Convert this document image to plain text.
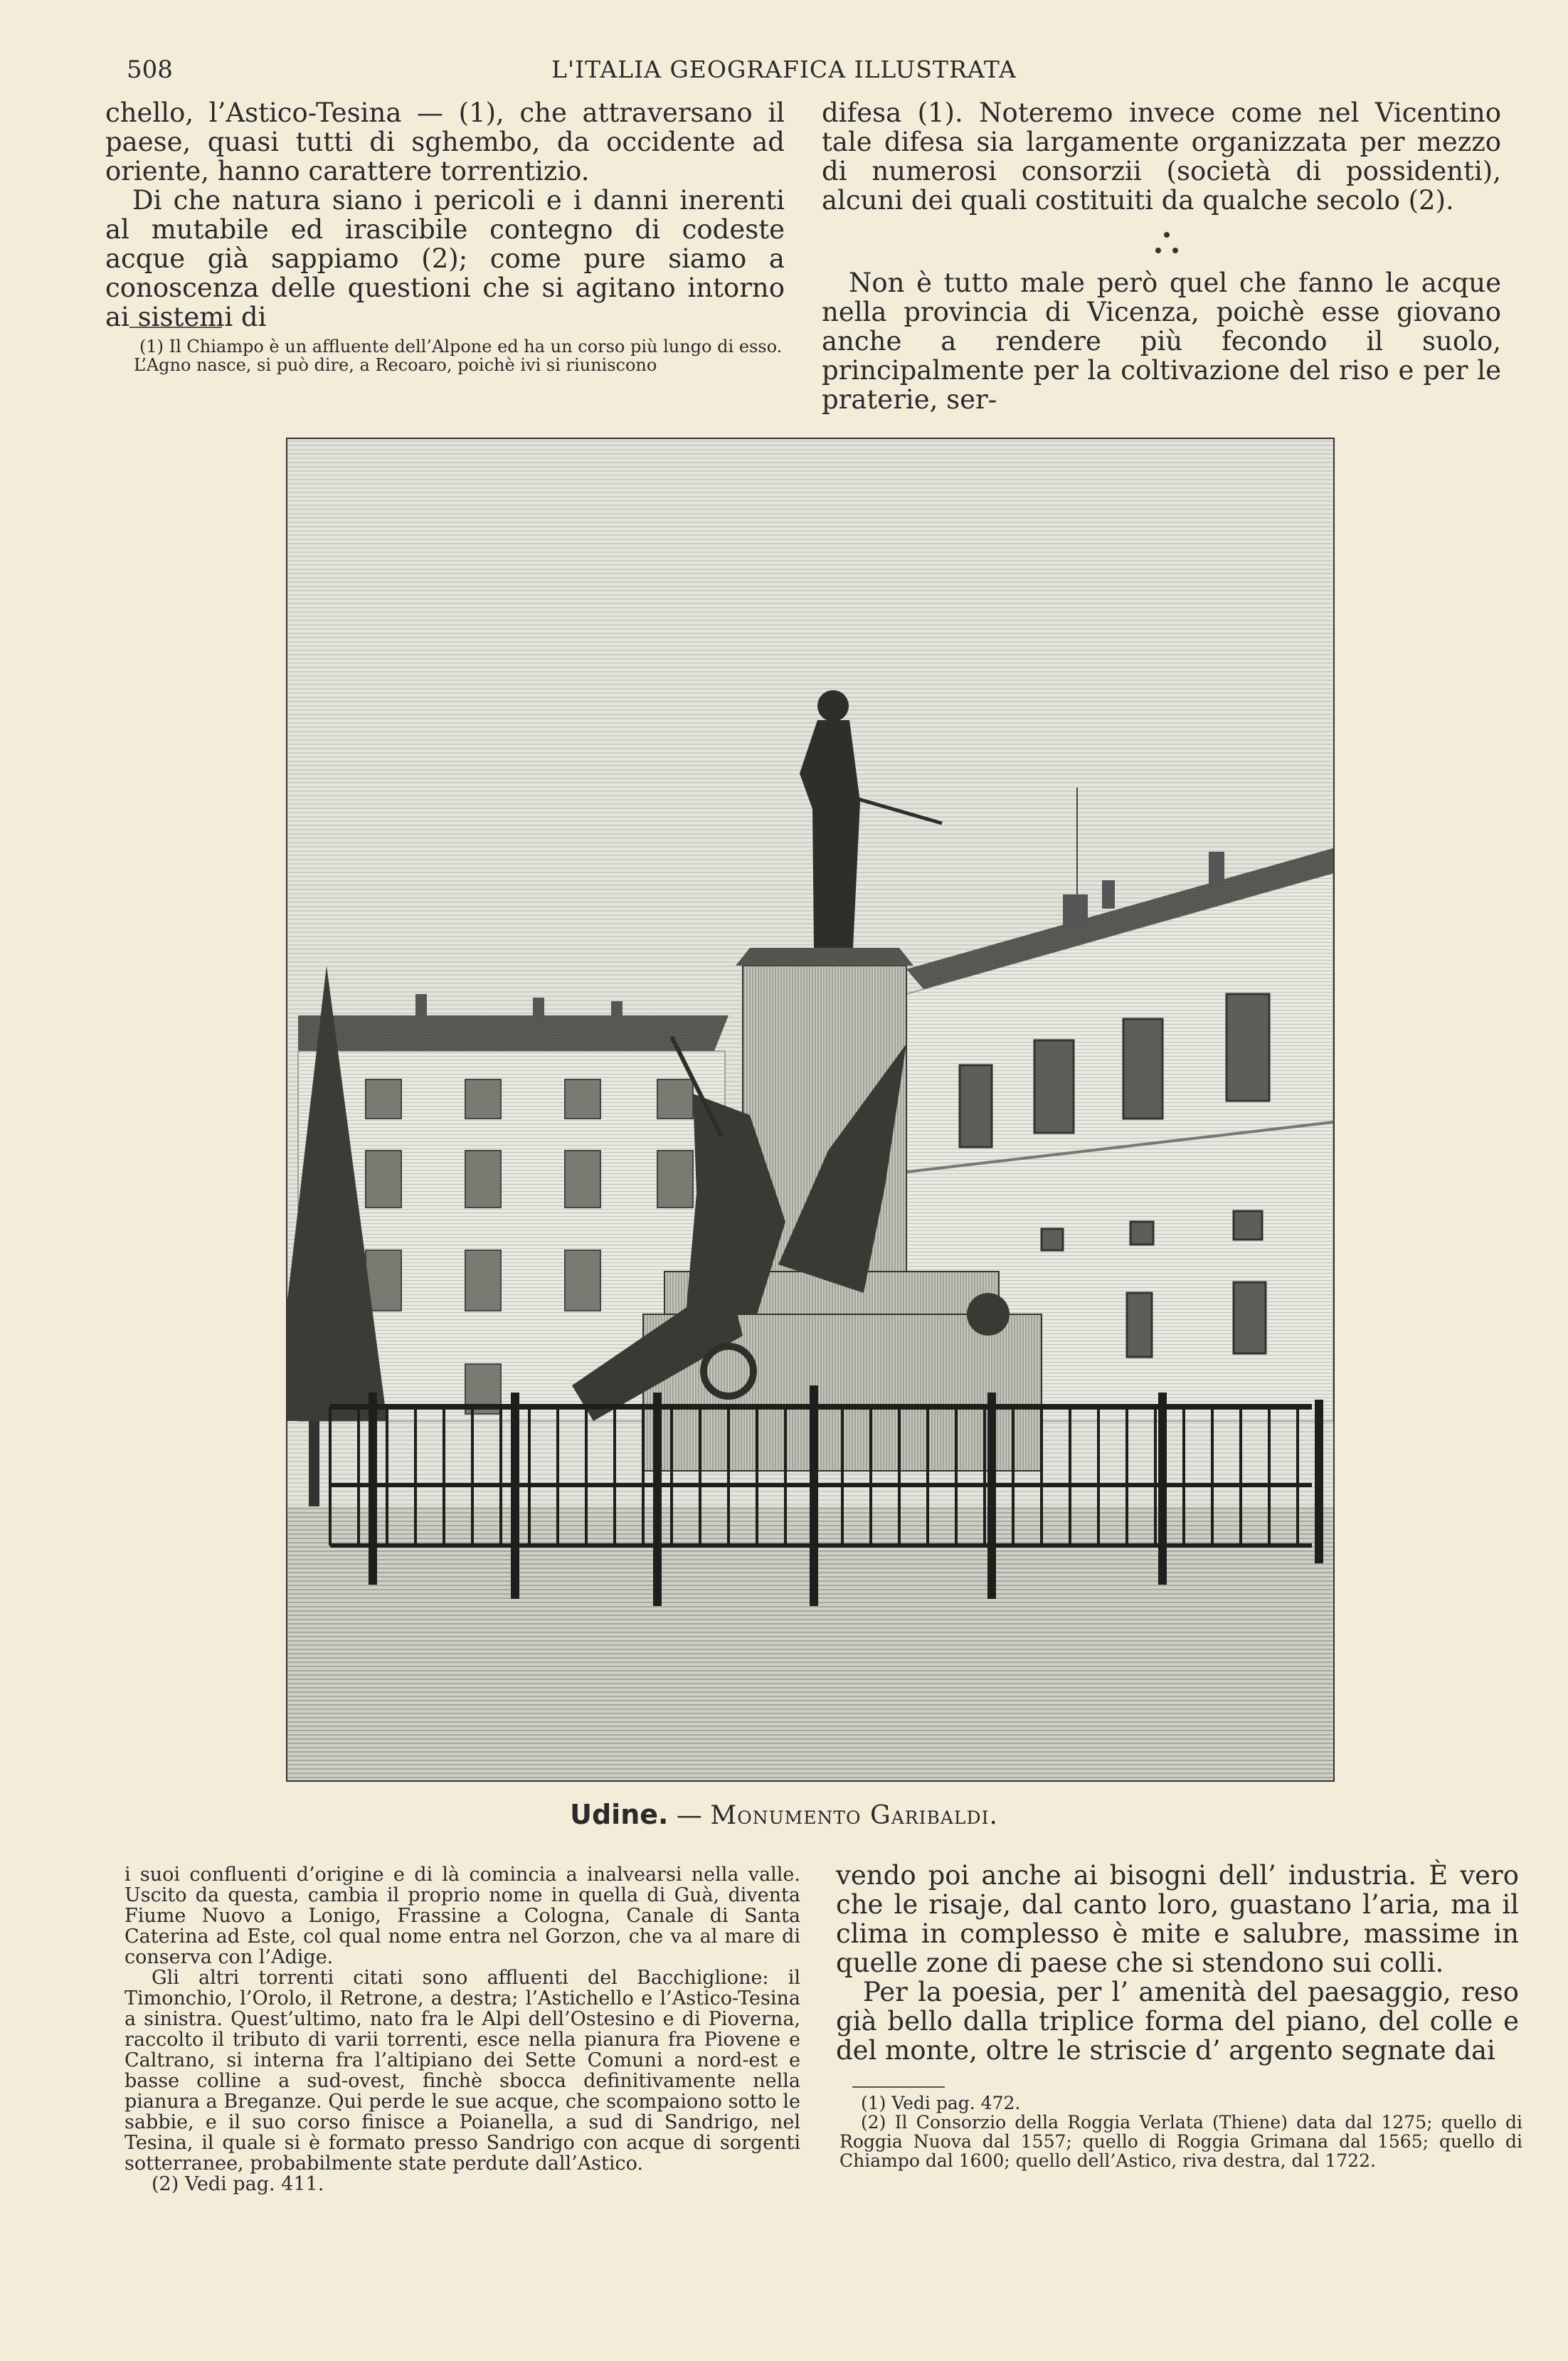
508	L'ITALIA GEOGRAFICA ILLUSTRATA

chello, l’Astico-Tesina — (1), che attraversano il paese, quasi tutti di sghembo, da occidente ad oriente, hanno carattere torrentizio.

Di che natura siano i pericoli e i danni inerenti al mutabile ed irascibile contegno di codeste acque già sappiamo (2); come pure siamo a conoscenza delle questioni che si agitano intorno ai sistemi di

(1) Il Chiampo è un affluente dell’Alpone ed ha un corso più lungo di esso.
L’Agno nasce, si può dire, a Recoaro, poichè ivi si riuniscono

difesa (1). Noteremo invece come nel Vicentino tale difesa sia largamente organizzata per mezzo di numerosi consorzii (società di possidenti), alcuni dei quali costituiti da qualche secolo (2).

Non è tutto male però quel che fanno le acque nella provincia di Vicenza, poichè esse giovano anche a rendere più fecondo il suolo, principalmente per la coltivazione del riso e per le praterie, ser-

Udine. — Monumento Garibaldi.

i suoi confluenti d’origine e di là comincia a inalvearsi nella valle. Uscito da questa, cambia il proprio nome in quella di Guà, diventa Fiume Nuovo a Lonigo, Frassine a Cologna, Canale di Santa Caterina ad Este, col qual nome entra nel Gorzon, che va al mare di conserva con l’Adige.

Gli altri torrenti citati sono affluenti del Bacchiglione: il Timonchio, l’Orolo, il Retrone, a destra; l’Astichello e l’Astico-Tesina a sinistra. Quest’ultimo, nato fra le Alpi dell’Ostesino e di Pioverna, raccolto il tributo di varii torrenti, esce nella pianura fra Piovene e Caltrano, si interna fra l’altipiano dei Sette Comuni a nord-est e basse colline a sud-ovest, finchè sbocca definitivamente nella pianura a Breganze. Qui perde le sue acque, che scompaiono sotto le sabbie, e il suo corso finisce a Poianella, a sud di Sandrigo, nel Tesina, il quale si è formato presso Sandrigo con acque di sorgenti sotterranee, probabilmente state perdute dall’Astico.

(2) Vedi pag. 411.

vendo poi anche ai bisogni dell’ industria. È vero che le risaje, dal canto loro, guastano l’aria, ma il clima in complesso è mite e salubre, massime in quelle zone di paese che si stendono sui colli.

Per la poesia, per l’ amenità del paesaggio, reso già bello dalla triplice forma del piano, del colle e del monte, oltre le striscie d’ argento segnate dai

(1) Vedi pag. 472.
(2) Il Consorzio della Roggia Verlata (Thiene) data dal 1275; quello di Roggia Nuova dal 1557; quello di Roggia Grimana dal 1565; quello di Chiampo dal 1600; quello dell’Astico, riva destra, dal 1722.
